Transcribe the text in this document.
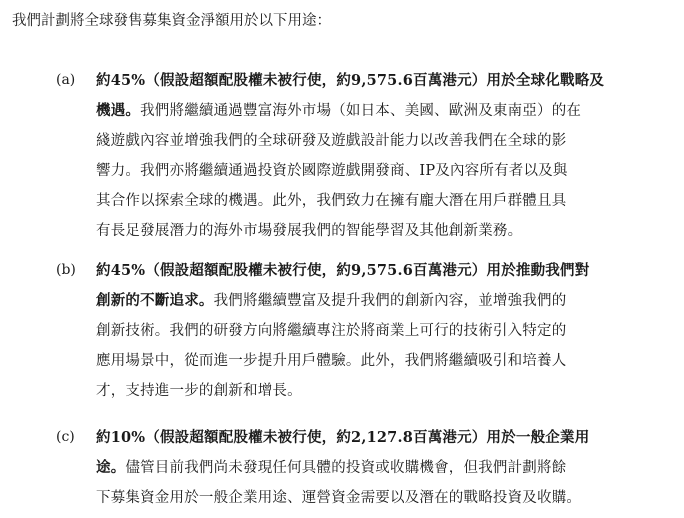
我們計劃將全球發售募集資金淨額用於以下用途：
(a) 約45%（假設超額配股權未被行使，約9,575.6百萬港元）用於全球化戰略及
機遇。我們將繼續通過豐富海外市場（如日本、美國、歐洲及東南亞）的在
綫遊戲內容並增強我們的全球研發及遊戲設計能力以改善我們在全球的影
響力。我們亦將繼續通過投資於國際遊戲開發商、IP及內容所有者以及與
其合作以探索全球的機遇。此外，我們致力在擁有龐大潛在用戶群體且具
有長足發展潛力的海外市場發展我們的智能學習及其他創新業務。
(b) 約45%（假設超額配股權未被行使，約9,575.6百萬港元）用於推動我們對
創新的不斷追求。我們將繼續豐富及提升我們的創新內容，並增強我們的
創新技術。我們的研發方向將繼續專注於將商業上可行的技術引入特定的
應用場景中，從而進一步提升用戶體驗。此外，我們將繼續吸引和培養人
才，支持進一步的創新和增長。
(c) 約10%（假設超額配股權未被行使，約2,127.8百萬港元）用於一般企業用
途。儘管目前我們尚未發現任何具體的投資或收購機會，但我們計劃將餘
下募集資金用於一般企業用途、運營資金需要以及潛在的戰略投資及收購。
